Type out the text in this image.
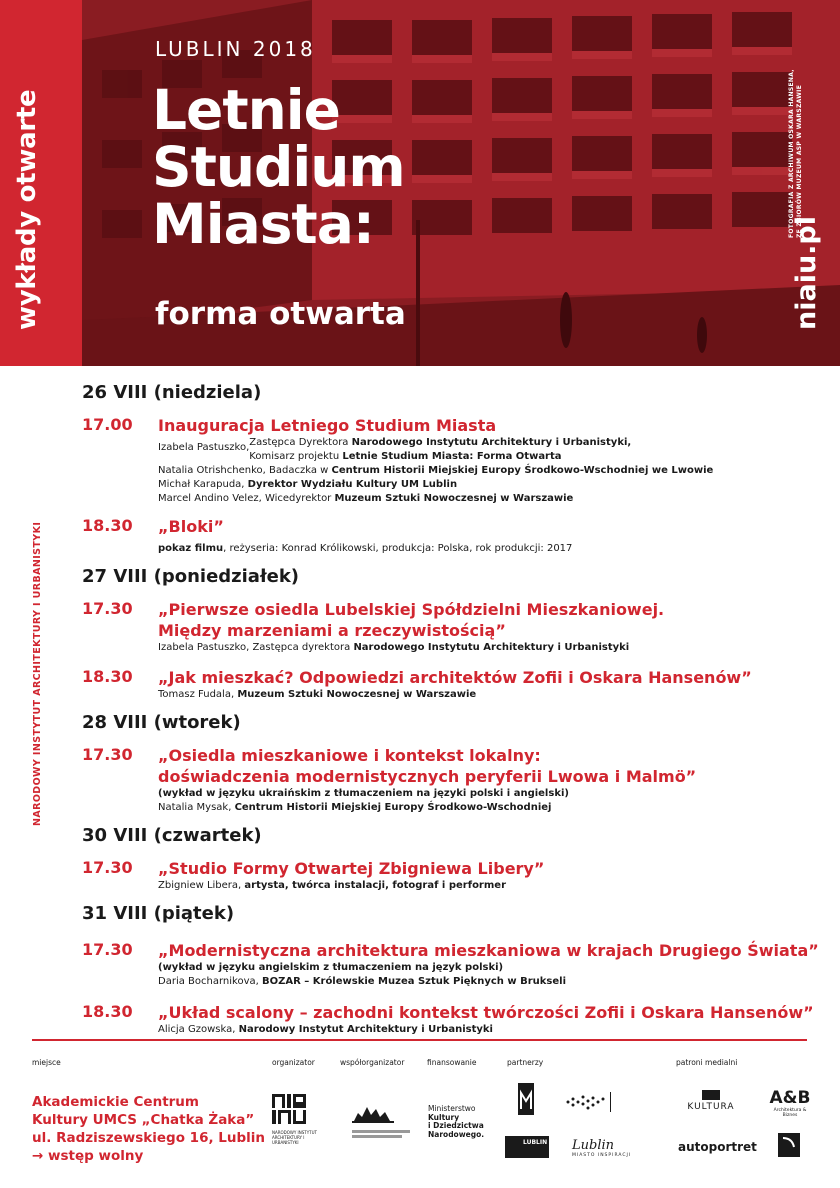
wykłady otwarte
LUBLIN 2018
Letnie
Studium
Miasta:
forma otwarta
FOTOGRAFIA Z ARCHIWUM OSKARA HANSENA, ZE ZBIORÓW MUZEUM ASP W WARSZAWIE
niaiu.pl
NARODOWY INSTYTUT ARCHITEKTURY I URBANISTYKI
26 VIII (niedziela)
17.00 Inauguracja Letniego Studium Miasta
Izabela Pastuszko, Zastępca Dyrektora Narodowego Instytutu Architektury i Urbanistyki,
Komisarz projektu Letnie Studium Miasta: Forma Otwarta
Natalia Otrishchenko, Badaczka w Centrum Historii Miejskiej Europy Środkowo-Wschodniej we Lwowie
Michał Karapuda, Dyrektor Wydziału Kultury UM Lublin
Marcel Andino Velez, Wicedyrektor Muzeum Sztuki Nowoczesnej w Warszawie
18.30 „Bloki”
pokaz filmu, reżyseria: Konrad Królikowski, produkcja: Polska, rok produkcji: 2017
27 VIII (poniedziałek)
17.30 „Pierwsze osiedla Lubelskiej Spółdzielni Mieszkaniowej.
Między marzeniami a rzeczywistością”
Izabela Pastuszko, Zastępca dyrektora Narodowego Instytutu Architektury i Urbanistyki
18.30 „Jak mieszkać? Odpowiedzi architektów Zofii i Oskara Hansenów”
Tomasz Fudala, Muzeum Sztuki Nowoczesnej w Warszawie
28 VIII (wtorek)
17.30 „Osiedla mieszkaniowe i kontekst lokalny:
doświadczenia modernistycznych peryferii Lwowa i Malmö”
(wykład w języku ukraińskim z tłumaczeniem na języki polski i angielski)
Natalia Mysak, Centrum Historii Miejskiej Europy Środkowo-Wschodniej
30 VIII (czwartek)
17.30 „Studio Formy Otwartej Zbigniewa Libery”
Zbigniew Libera, artysta, twórca instalacji, fotograf i performer
31 VIII (piątek)
17.30 „Modernistyczna architektura mieszkaniowa w krajach Drugiego Świata”
(wykład w języku angielskim z tłumaczeniem na język polski)
Daria Bocharnikova, BOZAR – Królewskie Muzea Sztuk Pięknych w Brukseli
18.30 „Układ scalony – zachodni kontekst twórczości Zofii i Oskara Hansenów”
Alicja Gzowska, Narodowy Instytut Architektury i Urbanistyki
miejsce	organizator	współorganizator	finansowanie	partnerzy	patroni medialni
Akademickie Centrum
Kultury UMCS „Chatka Żaka”
ul. Radziszewskiego 16, Lublin
→ wstęp wolny
NARODOWY INSTYTUT ARCHITEKTURY I URBANISTYKI
Ministerstwo
Kultury
i Dziedzictwa
Narodowego.
LUBLIN Lublin
MIASTO INSPIRACJI
KULTURA A&B
Architektura & Biznes
autoportret
